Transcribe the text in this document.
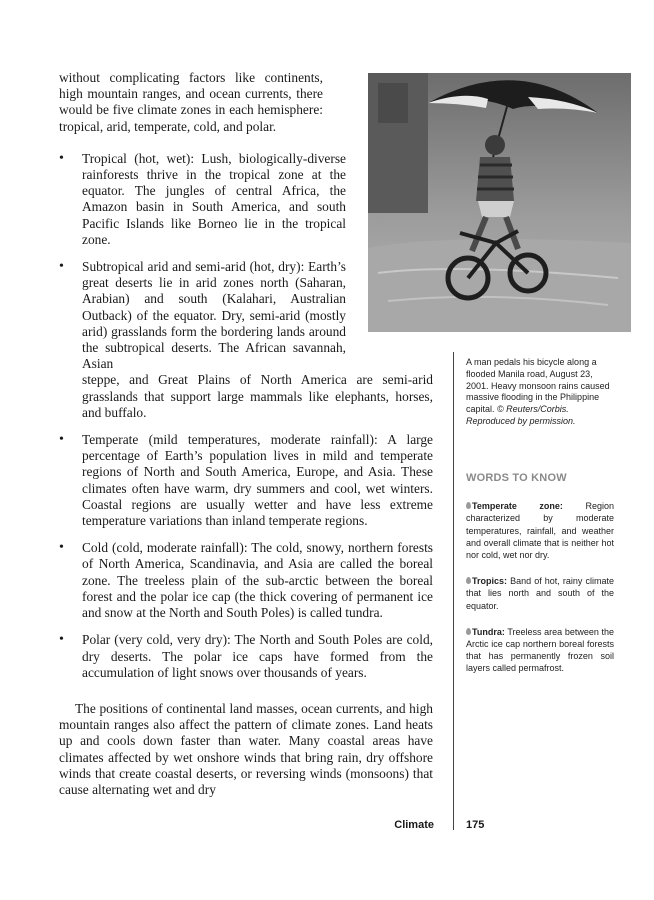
without complicating factors like continents, high mountain ranges, and ocean currents, there would be five climate zones in each hemisphere: tropical, arid, temperate, cold, and polar.

• Tropical (hot, wet): Lush, biologically-diverse rainforests thrive in the tropical zone at the equator. The jungles of central Africa, the Amazon basin in South America, and south Pacific Islands like Borneo lie in the tropical zone.
• Subtropical arid and semi-arid (hot, dry): Earth’s great deserts lie in arid zones north (Saharan, Arabian) and south (Kalahari, Australian Outback) of the equator. Dry, semi-arid (mostly arid) grasslands form the bordering lands around the subtropical deserts. The African savannah, Asian
steppe, and Great Plains of North America are semi-arid grasslands that support large mammals like elephants, horses, and buffalo.
• Temperate (mild temperatures, moderate rainfall): A large percentage of Earth’s population lives in mild and temperate regions of North and South America, Europe, and Asia. These climates often have warm, dry summers and cool, wet winters. Coastal regions are usually wetter and have less extreme temperature variations than inland temperate regions.
• Cold (cold, moderate rainfall): The cold, snowy, northern forests of North America, Scandinavia, and Asia are called the boreal zone. The treeless plain of the sub-arctic between the boreal forest and the polar ice cap (the thick covering of permanent ice and snow at the North and South Poles) is called tundra.
• Polar (very cold, very dry): The North and South Poles are cold, dry deserts. The polar ice caps have formed from the accumulation of light snows over thousands of years.

The positions of continental land masses, ocean currents, and high mountain ranges also affect the pattern of climate zones. Land heats up and cools down faster than water. Many coastal areas have climates affected by wet onshore winds that bring rain, dry offshore winds that create coastal deserts, or reversing winds (monsoons) that cause alternating wet and dry

A man pedals his bicycle along a flooded Manila road, August 23, 2001. Heavy monsoon rains caused massive flooding in the Philippine capital. © Reuters/Corbis. Reproduced by permission.
WORDS TO KNOW

Temperate zone:	Region characterized by moderate temperatures, rainfall, and weather and overall climate that is neither hot nor cold, wet nor dry.

Tropics: Band of hot, rainy climate that lies north and south of the equator.

Tundra: Treeless area between the Arctic ice cap northern boreal forests that has permanently frozen soil layers called permafrost.

Climate	175
